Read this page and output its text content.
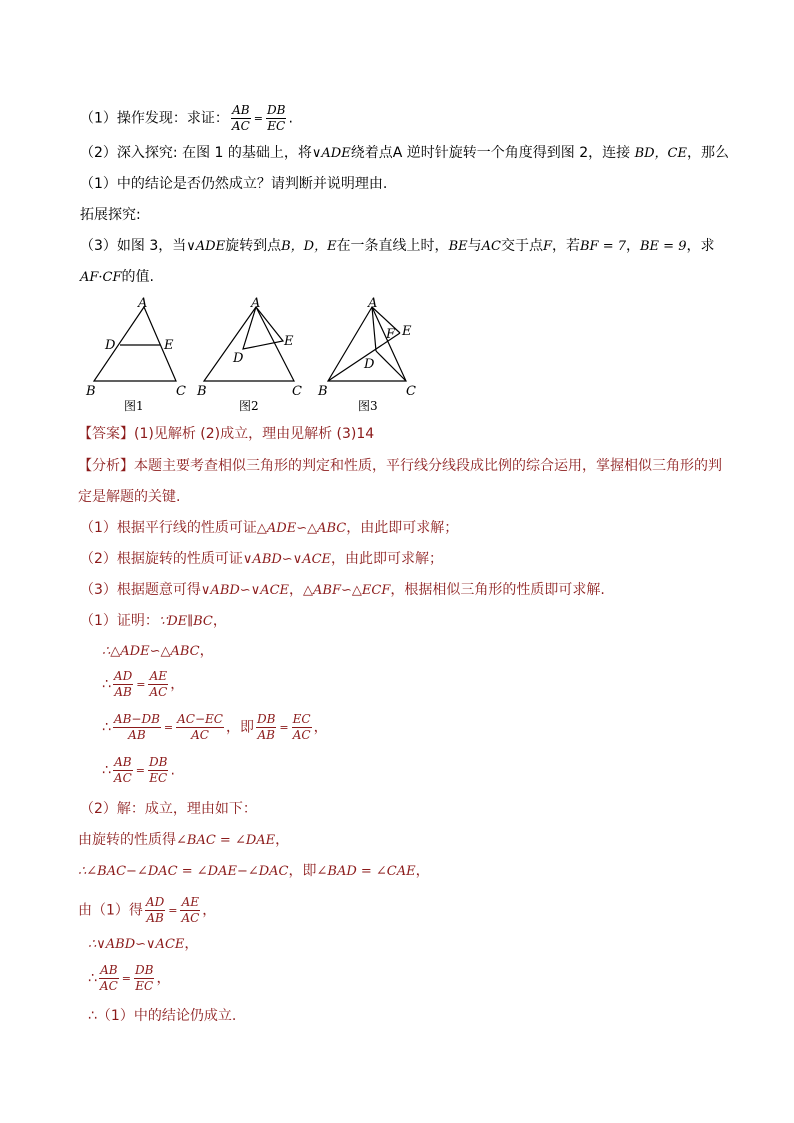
（1）操作发现：求证： $\frac{AB}{AC} = \frac{DB}{EC}$ .
（2）深入探究: 在图 1 的基础上，将∨ADE绕着点A 逆时针旋转一个角度得到图 2，连接 BD，CE，那么
（1）中的结论是否仍然成立？请判断并说明理由.
拓展探究:
（3）如图 3，当∨ADE旋转到点B，D，E在一条直线上时，BE与AC交于点F，若BF = 7，BE = 9，求
AF·CF的值.
A
D	E
B	C
图1
A
D
E
B	C
图2
A
F E
D
B	C
图3
【答案】(1)见解析 (2)成立，理由见解析 (3)14
【分析】本题主要考查相似三角形的判定和性质，平行线分线段成比例的综合运用，掌握相似三角形的判
定是解题的关键.
（1）根据平行线的性质可证△ADE∽△ABC，由此即可求解；
（2）根据旋转的性质可证∨ABD∽∨ACE，由此即可求解；
（3）根据题意可得∨ABD∽∨ACE，△ABF∽△ECF，根据相似三角形的性质即可求解.
（1）证明：∵DE∥BC，
∴△ADE∽△ABC，
∴ $\frac{AD}{AB} = \frac{AE}{AC}$ ，
∴ $\frac{AB-DB}{AB} = \frac{AC-EC}{AC}$ ，即 $\frac{DB}{AB} = \frac{EC}{AC}$ ，
∴ $\frac{AB}{AC} = \frac{DB}{EC}$ .
（2）解：成立，理由如下：
由旋转的性质得∠BAC = ∠DAE，
∴∠BAC−∠DAC = ∠DAE−∠DAC，即∠BAD = ∠CAE，
由（1）得 $\frac{AD}{AB} = \frac{AE}{AC}$ ，
∴∨ABD∽∨ACE，
∴ $\frac{AB}{AC} = \frac{DB}{EC}$ ，
∴（1）中的结论仍成立.
